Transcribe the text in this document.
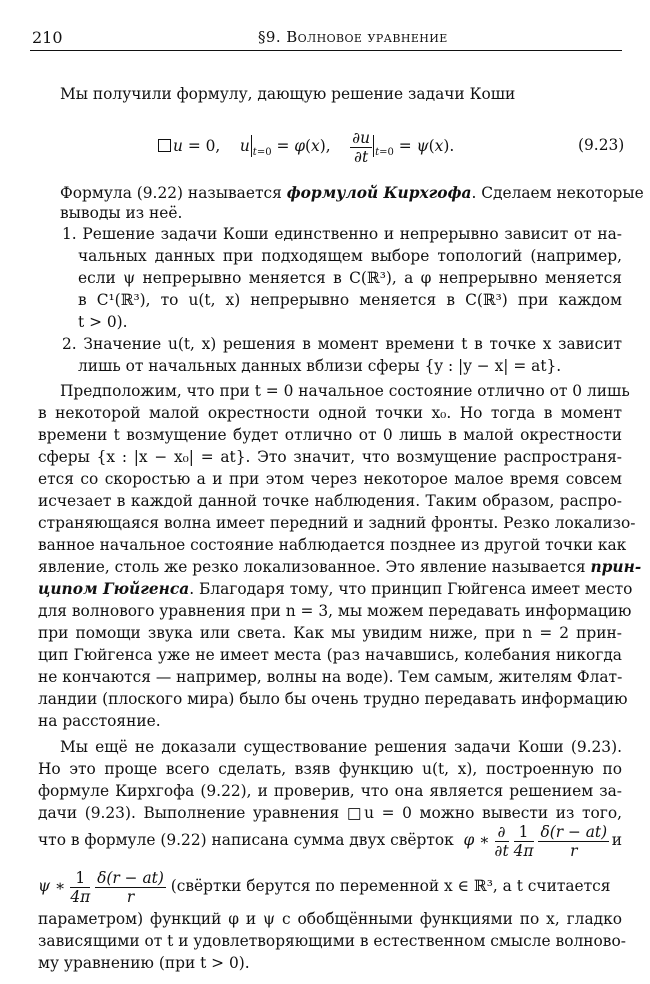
210	§9. Волновое уравнение
Мы получили формулу, дающую решение задачи Коши
u = 0,    u $_{t=0}$ = φ(x), $\frac{\partial u}{\partial t} _{t=0} = \psi(x)$.	(9.23)
Формула (9.22) называется формулой Кирхгофа. Сделаем некоторые
выводы из неё.
1. Решение задачи Коши единственно и непрерывно зависит от на-
чальных данных при подходящем выборе топологий (например,
если ψ непрерывно меняется в C(ℝ³), а φ непрерывно меняется
в C¹(ℝ³), то u(t, x) непрерывно меняется в C(ℝ³) при каждом
t > 0).
2. Значение u(t, x) решения в момент времени t в точке x зависит
лишь от начальных данных вблизи сферы {y : |y − x| = at}.
Предположим, что при t = 0 начальное состояние отлично от 0 лишь
в некоторой малой окрестности одной точки x₀. Но тогда в момент
времени t возмущение будет отлично от 0 лишь в малой окрестности
сферы {x : |x − x₀| = at}. Это значит, что возмущение распространя-
ется со скоростью a и при этом через некоторое малое время совсем
исчезает в каждой данной точке наблюдения. Таким образом, распро-
страняющаяся волна имеет передний и задний фронты. Резко локализо-
ванное начальное состояние наблюдается позднее из другой точки как
явление, столь же резко локализованное. Это явление называется прин-
ципом Гюйгенса. Благодаря тому, что принцип Гюйгенса имеет место
для волнового уравнения при n = 3, мы можем передавать информацию
при помощи звука или света. Как мы увидим ниже, при n = 2 прин-
цип Гюйгенса уже не имеет места (раз начавшись, колебания никогда
не кончаются — например, волны на воде). Тем самым, жителям Флат-
ландии (плоского мира) было бы очень трудно передавать информацию
на расстояние.
Мы ещё не доказали существование решения задачи Коши (9.23).
Но это проще всего сделать, взяв функцию u(t, x), построенную по
формуле Кирхгофа (9.22), и проверив, что она является решением за-
дачи (9.23). Выполнение уравнения □u = 0 можно вывести из того,
что в формуле (9.22) написана сумма двух свёрток  φ ∗ $\frac{\partial}{\partial t}$
$\frac{1}{4\pi}$
$\frac{\delta(r - at)}{r}$ и
ψ ∗ $\frac{1}{4\pi}$
$\frac{\delta(r - at)}{r}$ (свёртки берутся по переменной x ∈ ℝ³, а t считается
параметром) функций φ и ψ с обобщёнными функциями по x, гладко
зависящими от t и удовлетворяющими в естественном смысле волново-
му уравнению (при t > 0).
